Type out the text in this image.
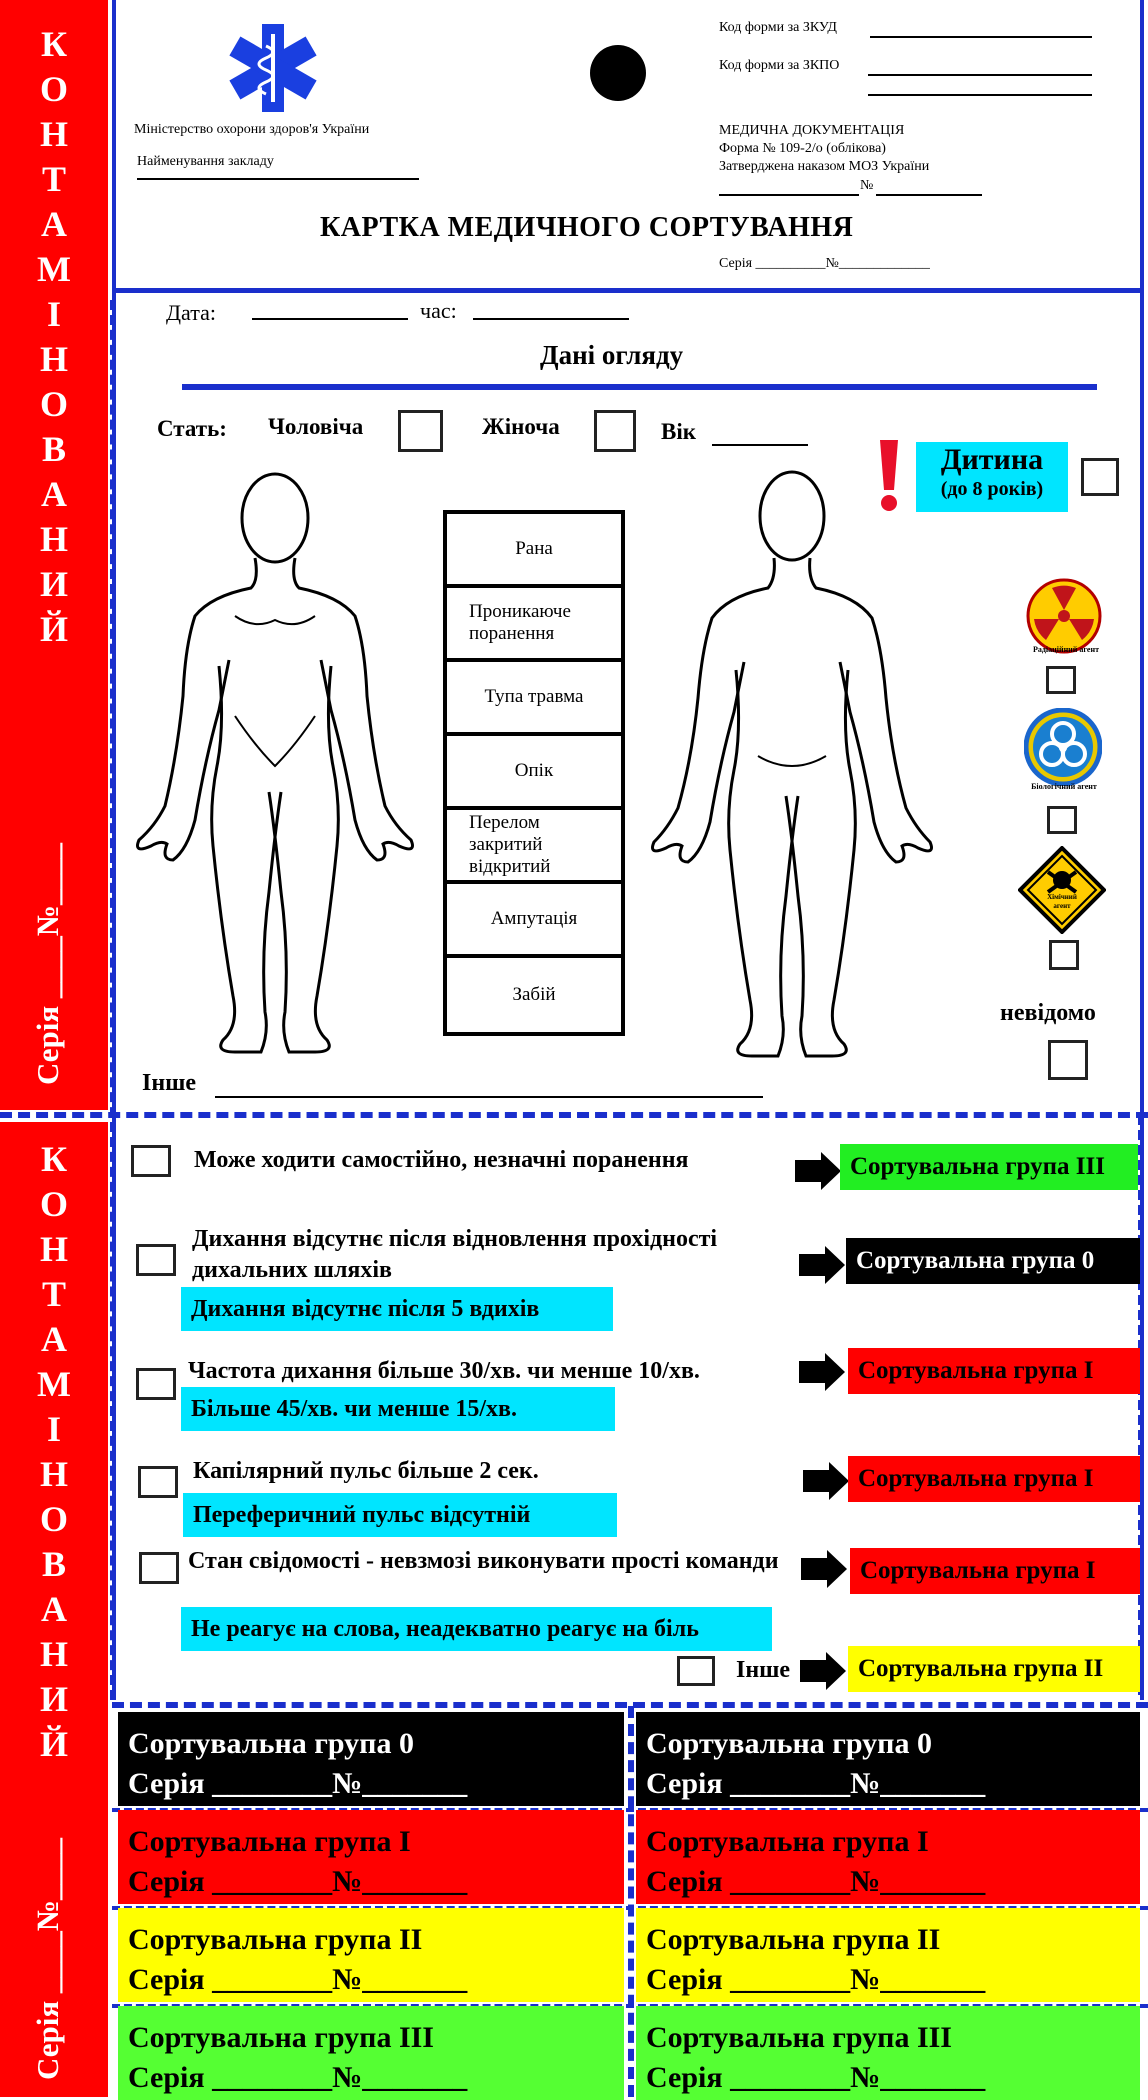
К
О
Н
Т
А
М
І
Н
О
В
А
Н
И
Й
Серія ____№____
К
О
Н
Т
А
М
І
Н
О
В
А
Н
И
Й
Серія ____№____
Міністерство охорони здоров'я України
Найменування закладу
Код форми за ЗКУД
Код форми за ЗКПО
МЕДИЧНА ДОКУМЕНТАЦІЯ
Форма № 109-2/о (облікова)
Затверджена наказом МОЗ України
№
КАРТКА МЕДИЧНОГО СОРТУВАННЯ
Серія __________№_____________
Дата:	час:
Дані огляду
Стать: Чоловіча	Жіноча	Вік
Дитина
(до 8 років)
Рана
Проникаюче поранення
Тупа травма
Опік
Перелом закритий відкритий
Ампутація
Забій
Радіаційний агент
Біологічний агент
Хімічний агент
невідомо
Інше
Може ходити самостійно, незначні поранення	Сортувальна група ІІІ
Дихання відсутнє після відновлення прохідності дихальних шляхів
Дихання відсутнє після 5 вдихів
Сортувальна група 0
Частота дихання більше 30/хв. чи менше 10/хв.
Більше 45/хв. чи менше 15/хв.
Сортувальна група І
Капілярний пульс більше 2 сек.
Переферичний пульс відсутній
Сортувальна група І
Стан свідомості - невзмозі виконувати прості команди
Не реагує на слова, неадекватно реагує на біль
Сортувальна група І
Інше	Сортувальна група ІІ
Сортувальна група 0
Серія ________№_______
Сортувальна група 0
Серія ________№_______
Сортувальна група І
Серія ________№_______
Сортувальна група І
Серія ________№_______
Сортувальна група ІІ
Серія ________№_______
Сортувальна група ІІ
Серія ________№_______
Сортувальна група ІІІ
Серія ________№_______
Сортувальна група ІІІ
Серія ________№_______
